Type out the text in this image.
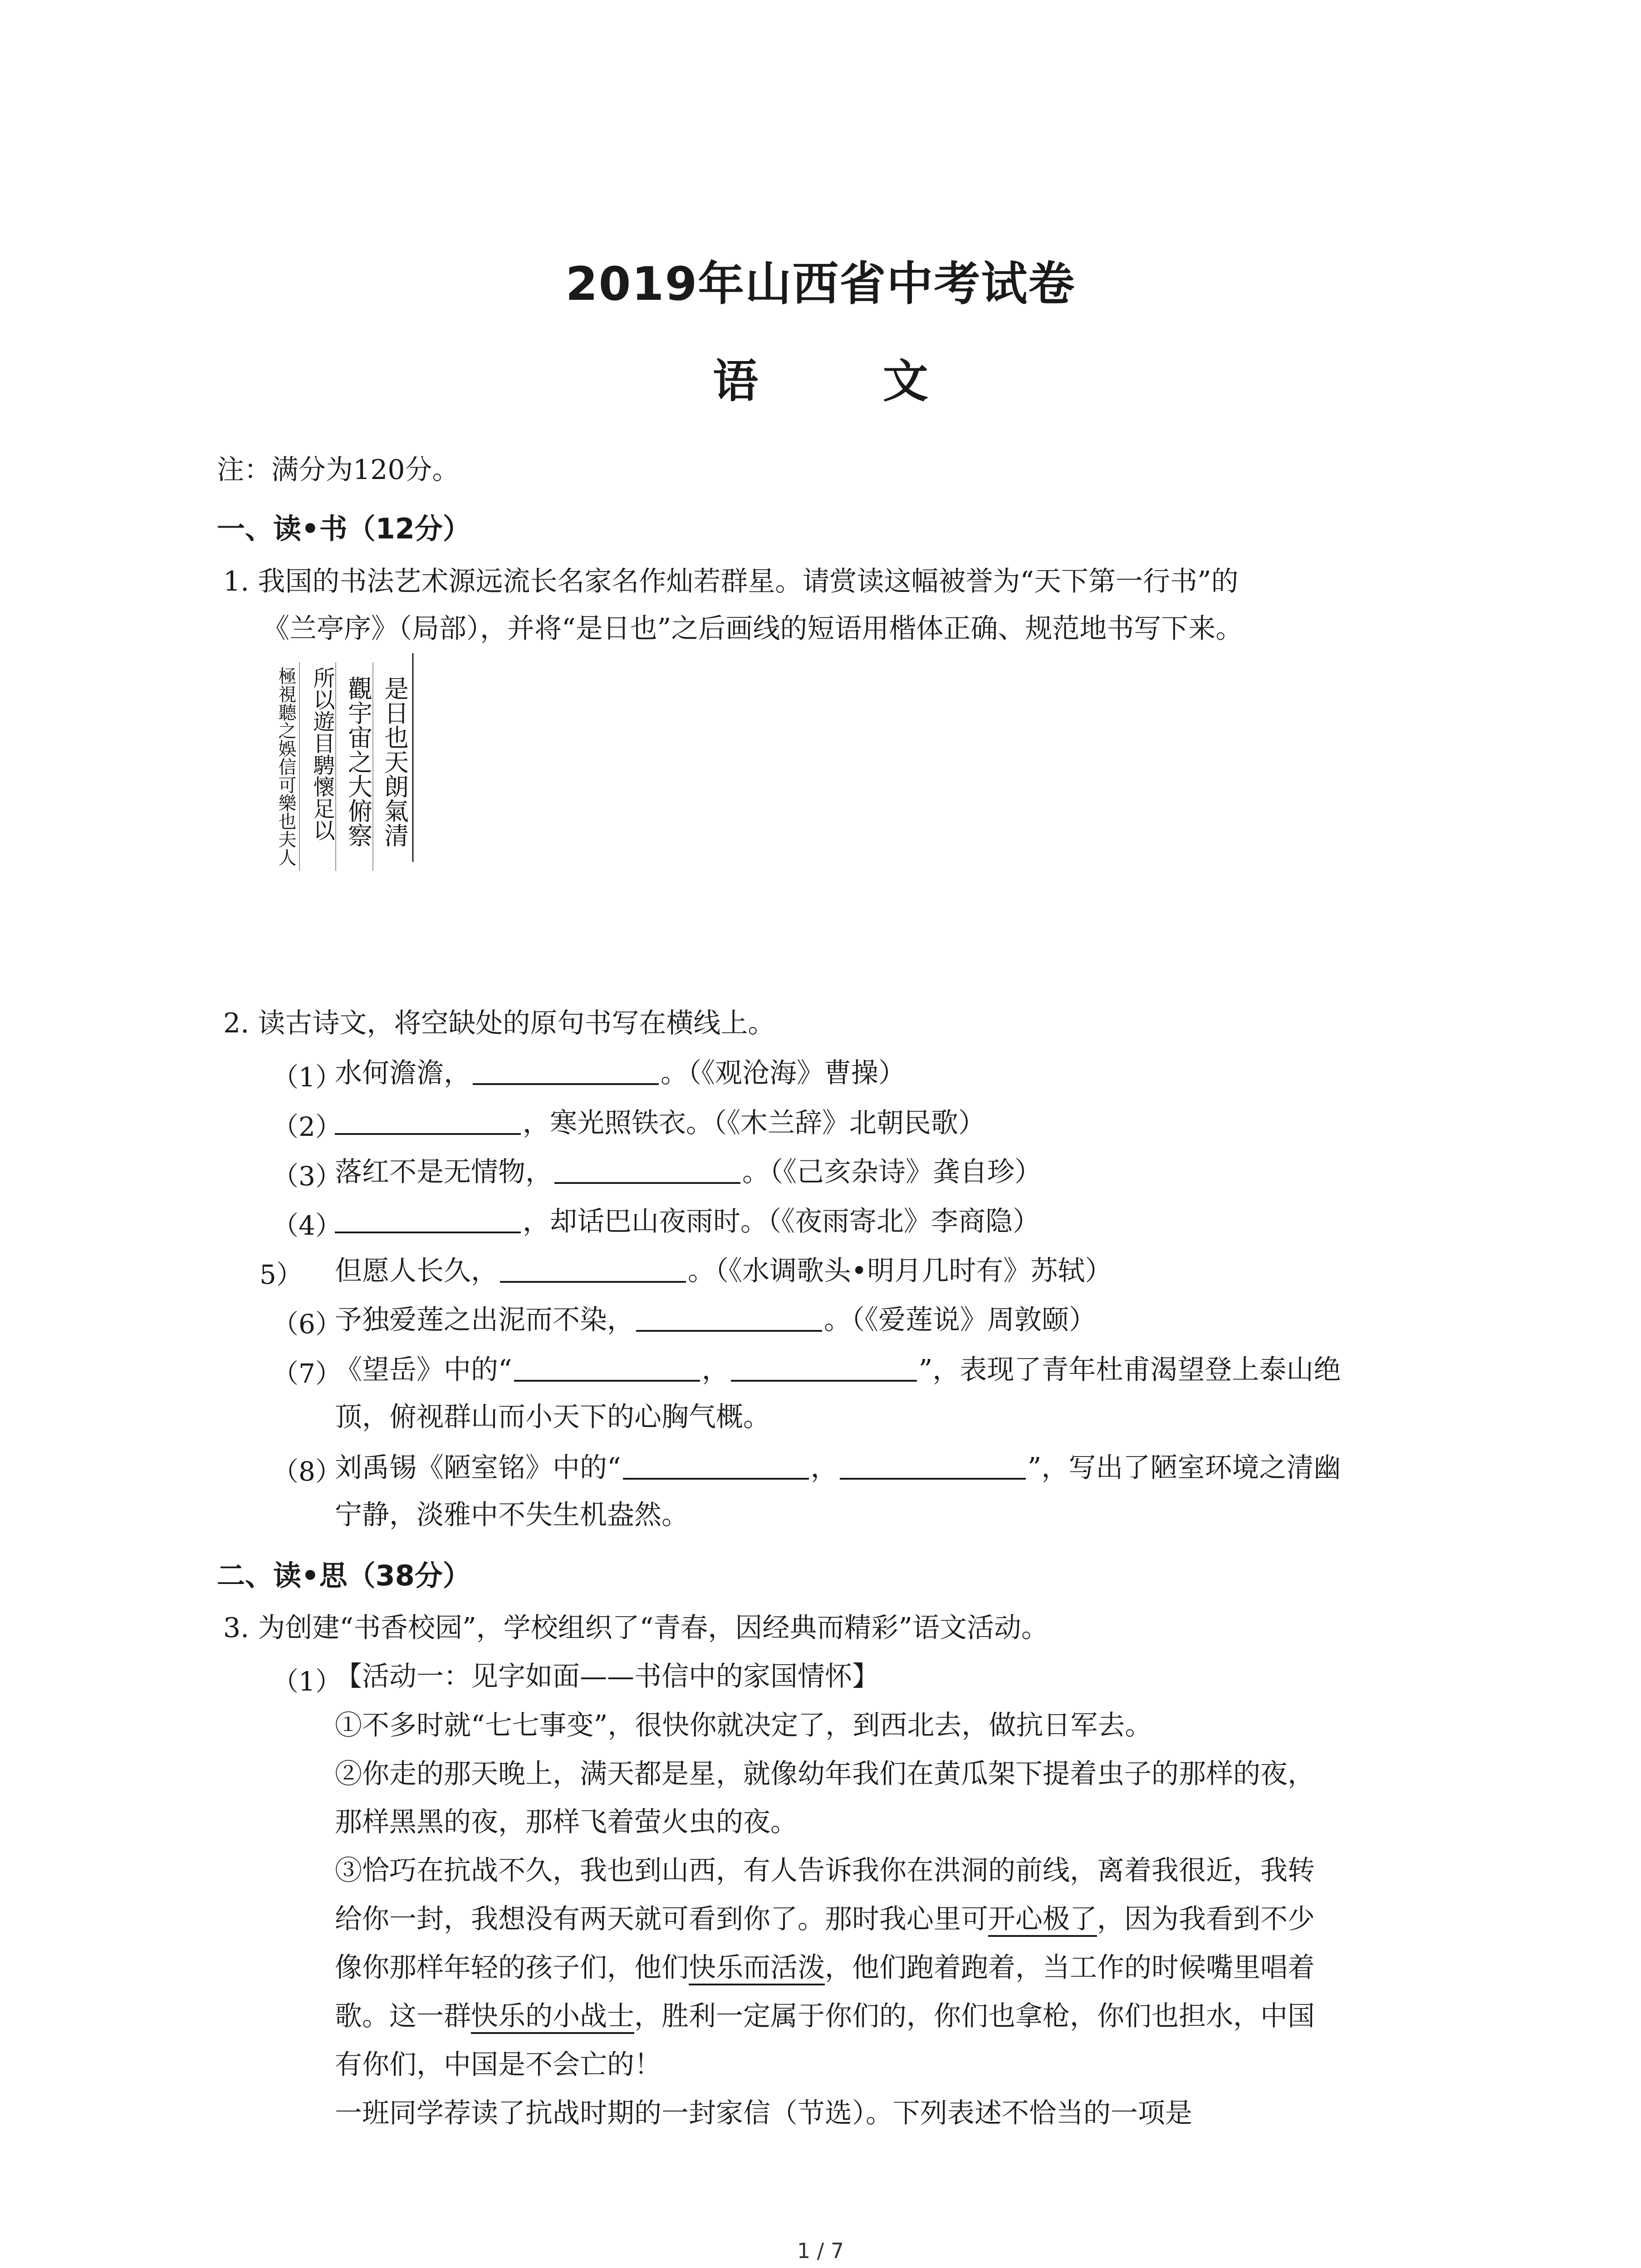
2019年山西省中考试卷
语 文
注：满分为120分。
一、读•书（12分）
1. 我国的书法艺术源远流长名家名作灿若群星。请赏读这幅被誉为“天下第一行书”的
《兰亭序》（局部），并将“是日也”之后画线的短语用楷体正确、规范地书写下来。
是日也天朗氣清
觀宇宙之大俯察
所以遊目騁懷足以
極視聽之娛信可樂也夫人
2. 读古诗文，将空缺处的原句书写在横线上。
（1）
水何澹澹，	。（《观沧海》曹操）
（2）	，寒光照铁衣。（《木兰辞》北朝民歌）
（3）
落红不是无情物，	。（《己亥杂诗》龚自珍）
（4）	，却话巴山夜雨时。（《夜雨寄北》李商隐）
5） 但愿人长久，	。（《水调歌头•明月几时有》苏轼）
（6）
予独爱莲之出泥而不染，	。（《爱莲说》周敦颐）
（7）
《望岳》中的“	，	”，表现了青年杜甫渴望登上泰山绝
顶，俯视群山而小天下的心胸气概。
（8）
刘禹锡《陋室铭》中的“	，	”，写出了陋室环境之清幽
宁静，淡雅中不失生机盎然。
二、读•思（38分）
3. 为创建“书香校园”，学校组织了“青春，因经典而精彩”语文活动。
（1）
【活动一：见字如面——书信中的家国情怀】
①不多时就“七七事变”，很快你就决定了，到西北去，做抗日军去。
②你走的那天晚上，满天都是星，就像幼年我们在黄瓜架下提着虫子的那样的夜，
那样黑黑的夜，那样飞着萤火虫的夜。
③恰巧在抗战不久，我也到山西，有人告诉我你在洪洞的前线，离着我很近，我转
给你一封，我想没有两天就可看到你了。那时我心里可开心极了，因为我看到不少
像你那样年轻的孩子们，他们快乐而活泼，他们跑着跑着，当工作的时候嘴里唱着
歌。这一群快乐的小战士，胜利一定属于你们的，你们也拿枪，你们也担水，中国
有你们，中国是不会亡的！
一班同学荐读了抗战时期的一封家信（节选）。下列表述不恰当的一项是
1 / 7
